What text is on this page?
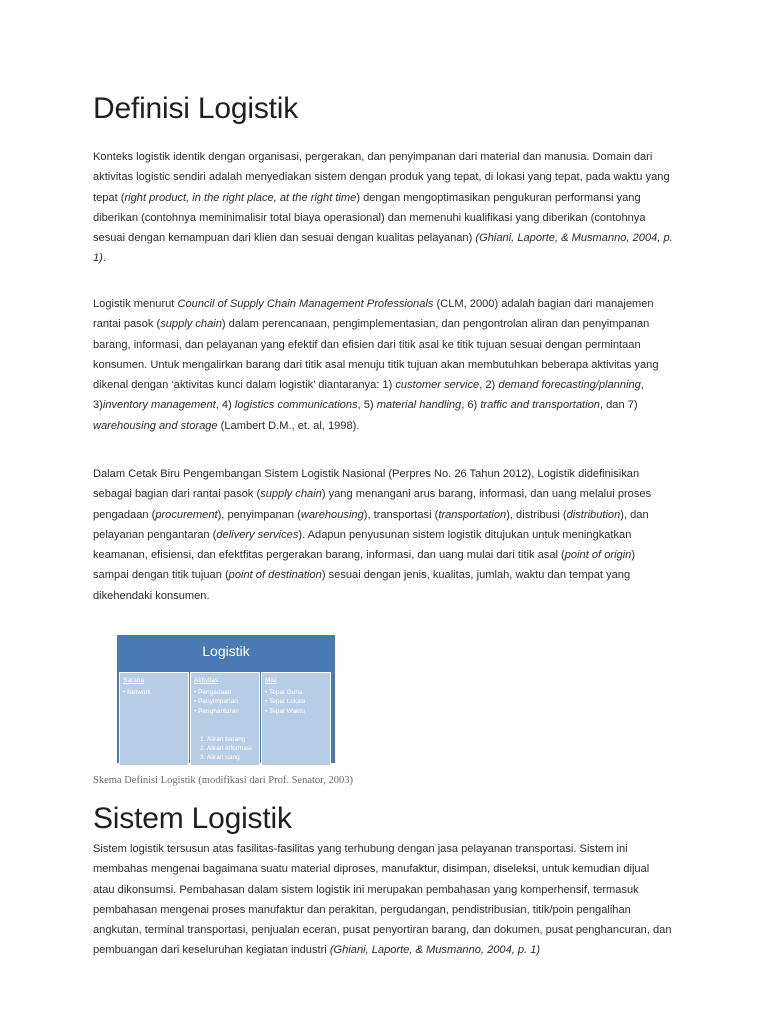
Definisi Logistik

Konteks logistik identik dengan organisasi, pergerakan, dan penyimpanan dari material dan manusia. Domain dari aktivitas logistic sendiri adalah menyediakan sistem dengan produk yang tepat, di lokasi yang tepat, pada waktu yang tepat (right product, in the right place, at the right time) dengan mengoptimasikan pengukuran performansi yang diberikan (contohnya meminimalisir total biaya operasional) dan memenuhi kualifikasi yang diberikan (contohnya sesuai dengan kemampuan dari klien dan sesuai dengan kualitas pelayanan) (Ghiani, Laporte, & Musmanno, 2004, p. 1).

Logistik menurut Council of Supply Chain Management Professionals (CLM, 2000) adalah bagian dari manajemen rantai pasok (supply chain) dalam perencanaan, pengimplementasian, dan pengontrolan aliran dan penyimpanan barang, informasi, dan pelayanan yang efektif dan efisien dari titik asal ke titik tujuan sesuai dengan permintaan konsumen. Untuk mengalirkan barang dari titik asal menuju titik tujuan akan membutuhkan beberapa aktivitas yang dikenal dengan ‘aktivitas kunci dalam logistik’ diantaranya: 1) customer service, 2) demand forecasting/planning, 3)inventory management, 4) logistics communications, 5) material handling, 6) traffic and transportation, dan 7) warehousing and storage (Lambert D.M., et. al, 1998).

Dalam Cetak Biru Pengembangan Sistem Logistik Nasional (Perpres No. 26 Tahun 2012), Logistik didefinisikan sebagai bagian dari rantai pasok (supply chain) yang menangani arus barang, informasi, dan uang melalui proses pengadaan (procurement), penyimpanan (warehousing), transportasi (transportation), distribusi (distribution), dan pelayanan pengantaran (delivery services). Adapun penyusunan sistem logistik ditujukan untuk meningkatkan keamanan, efisiensi, dan efektfitas pergerakan barang, informasi, dan uang mulai dari titik asal (point of origin) sampai dengan titik tujuan (point of destination) sesuai dengan jenis, kualitas, jumlah, waktu dan tempat yang dikehendaki konsumen.

Logistik
Sarana
• Network
Aktivitas
• Pengadaan
• Penyimpanan
• Penghantaran
Misi
• Tepat Guna
• Tepat Lokasi
• Tepat Waktu
1. Aliran barang
2. Aliran informasi
3. Aliran uang

Skema Definisi Logistik (modifikasi dari Prof. Senator, 2003)

Sistem Logistik

Sistem logistik tersusun atas fasilitas-fasilitas yang terhubung dengan jasa pelayanan transportasi. Sistem ini membahas mengenai bagaimana suatu material diproses, manufaktur, disimpan, diseleksi, untuk kemudian dijual atau dikonsumsi. Pembahasan dalam sistem logistik ini merupakan pembahasan yang komperhensif, termasuk pembahasan mengenai proses manufaktur dan perakitan, pergudangan, pendistribusian, titik/poin pengalihan angkutan, terminal transportasi, penjualan eceran, pusat penyortiran barang, dan dokumen, pusat penghancuran, dan pembuangan dari keseluruhan kegiatan industri (Ghiani, Laporte, & Musmanno, 2004, p. 1)
